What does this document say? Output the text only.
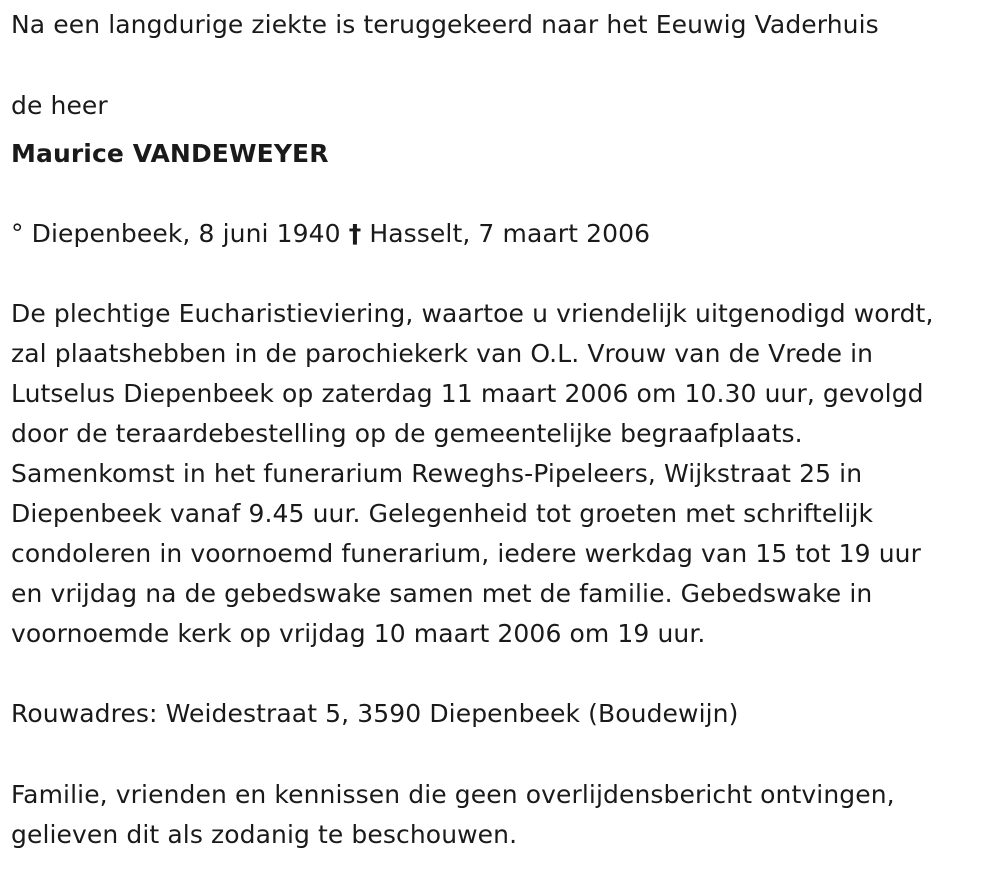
Na een langdurige ziekte is teruggekeerd naar het Eeuwig Vaderhuis
de heer
Maurice VANDEWEYER
° Diepenbeek, 8 juni 1940 † Hasselt, 7 maart 2006
De plechtige Eucharistieviering, waartoe u vriendelijk uitgenodigd wordt,
zal plaatshebben in de parochiekerk van O.L. Vrouw van de Vrede in
Lutselus Diepenbeek op zaterdag 11 maart 2006 om 10.30 uur, gevolgd
door de teraardebestelling op de gemeentelijke begraafplaats.
Samenkomst in het funerarium Reweghs-Pipeleers, Wijkstraat 25 in
Diepenbeek vanaf 9.45 uur. Gelegenheid tot groeten met schriftelijk
condoleren in voornoemd funerarium, iedere werkdag van 15 tot 19 uur
en vrijdag na de gebedswake samen met de familie. Gebedswake in
voornoemde kerk op vrijdag 10 maart 2006 om 19 uur.
Rouwadres: Weidestraat 5, 3590 Diepenbeek (Boudewijn)
Familie, vrienden en kennissen die geen overlijdensbericht ontvingen,
gelieven dit als zodanig te beschouwen.
